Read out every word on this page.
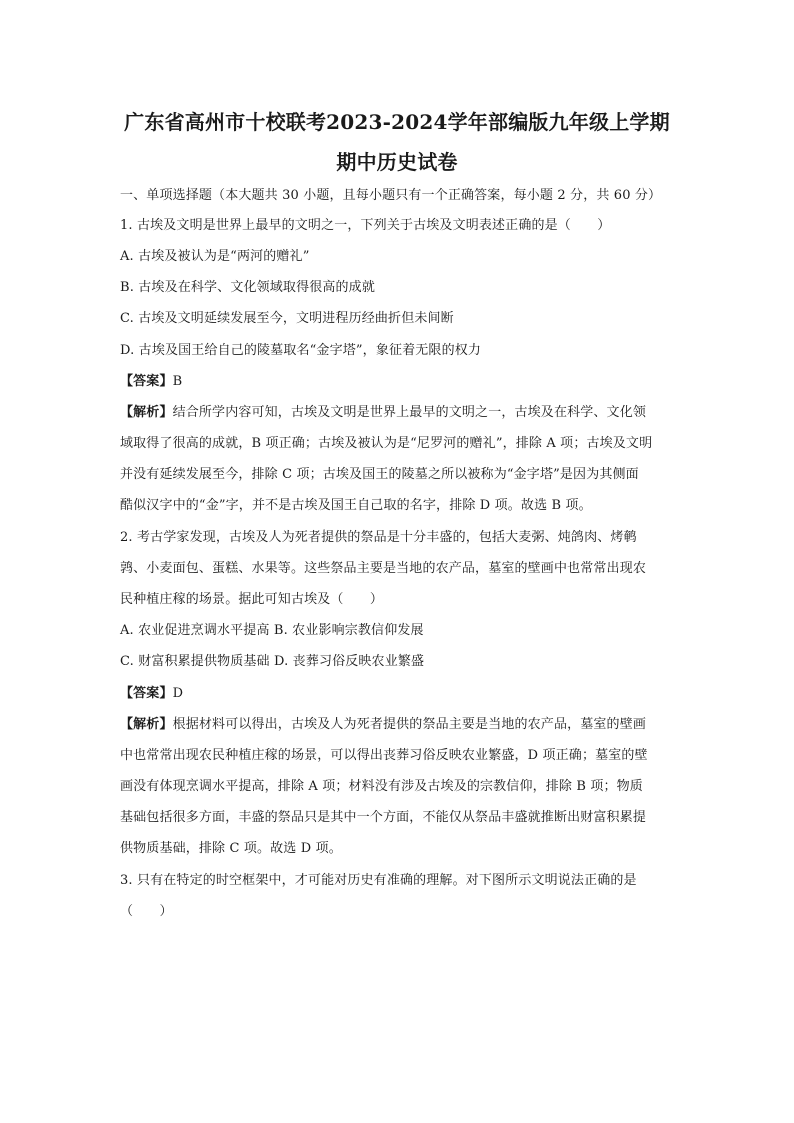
广东省高州市十校联考2023-2024学年部编版九年级上学期
期中历史试卷
一、单项选择题（本大题共 30 小题，且每小题只有一个正确答案，每小题 2 分，共 60 分）
1. 古埃及文明是世界上最早的文明之一，下列关于古埃及文明表述正确的是（　　）
A. 古埃及被认为是“两河的赠礼”
B. 古埃及在科学、文化领域取得很高的成就
C. 古埃及文明延续发展至今，文明进程历经曲折但未间断
D. 古埃及国王给自己的陵墓取名“金字塔”，象征着无限的权力
【答案】B
【解析】结合所学内容可知，古埃及文明是世界上最早的文明之一，古埃及在科学、文化领
域取得了很高的成就，B 项正确；古埃及被认为是“尼罗河的赠礼”，排除 A 项；古埃及文明
并没有延续发展至今，排除 C 项；古埃及国王的陵墓之所以被称为“金字塔”是因为其侧面
酷似汉字中的“金”字，并不是古埃及国王自己取的名字，排除 D 项。故选 B 项。
2. 考古学家发现，古埃及人为死者提供的祭品是十分丰盛的，包括大麦粥、炖鸽肉、烤鹌
鹑、小麦面包、蛋糕、水果等。这些祭品主要是当地的农产品，墓室的壁画中也常常出现农
民种植庄稼的场景。据此可知古埃及（　　）
A. 农业促进烹调水平提高 B. 农业影响宗教信仰发展
C. 财富积累提供物质基础 D. 丧葬习俗反映农业繁盛
【答案】D
【解析】根据材料可以得出，古埃及人为死者提供的祭品主要是当地的农产品，墓室的壁画
中也常常出现农民种植庄稼的场景，可以得出丧葬习俗反映农业繁盛，D 项正确；墓室的壁
画没有体现烹调水平提高，排除 A 项；材料没有涉及古埃及的宗教信仰，排除 B 项；物质
基础包括很多方面，丰盛的祭品只是其中一个方面，不能仅从祭品丰盛就推断出财富积累提
供物质基础，排除 C 项。故选 D 项。
3. 只有在特定的时空框架中，才可能对历史有准确的理解。对下图所示文明说法正确的是
（　　）
